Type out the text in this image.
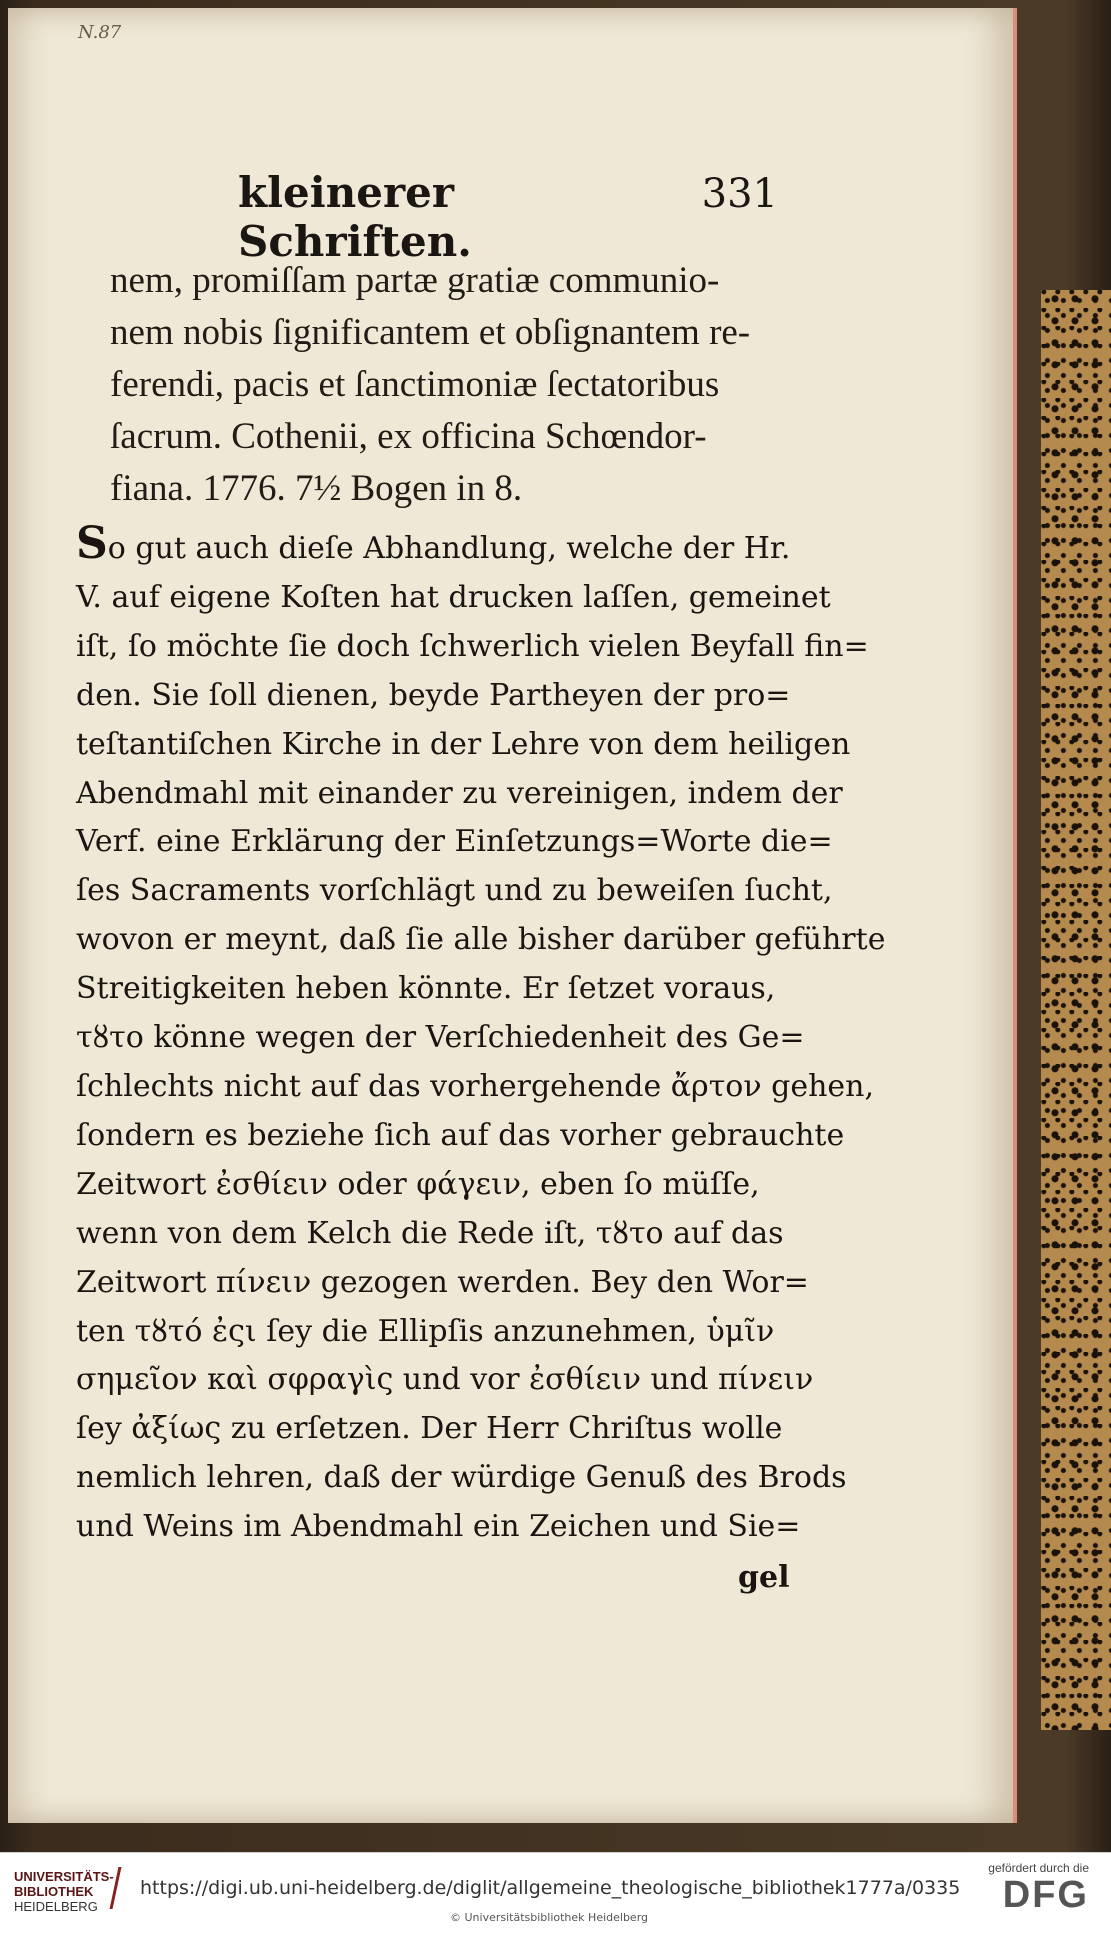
N.87
kleinerer Schriften.
331
nem, promiſſam partæ gratiæ communio-
nem nobis ſignificantem et obſignantem re-
ferendi, pacis et ſanctimoniæ ſectatoribus
ſacrum. Cothenii, ex officina Schœndor-
fiana. 1776. 7½ Bogen in 8.
So gut auch dieſe Abhandlung, welche der Hr.
V. auf eigene Koſten hat drucken laſſen, gemeinet
iſt, ſo möchte ſie doch ſchwerlich vielen Beyfall fin=
den. Sie ſoll dienen, beyde Partheyen der pro=
teſtantiſchen Kirche in der Lehre von dem heiligen
Abendmahl mit einander zu vereinigen, indem der
Verf. eine Erklärung der Einſetzungs=Worte die=
ſes Sacraments vorſchlägt und zu beweiſen ſucht,
wovon er meynt, daß ſie alle bisher darüber geführte
Streitigkeiten heben könnte. Er ſetzet voraus,
τȣτο könne wegen der Verſchiedenheit des Ge=
ſchlechts nicht auf das vorhergehende ἄρτον gehen,
ſondern es beziehe ſich auf das vorher gebrauchte
Zeitwort ἐσθίειν oder φάγειν, eben ſo müſſe,
wenn von dem Kelch die Rede iſt, τȣτο auf das
Zeitwort πίνειν gezogen werden. Bey den Wor=
ten τȣτό ἐςι ſey die Ellipſis anzunehmen, ὑμῖν
σημεῖον καὶ σφραγὶς und vor ἐσθίειν und πίνειν
ſey ἀξίως zu erſetzen. Der Herr Chriſtus wolle
nemlich lehren, daß der würdige Genuß des Brods
und Weins im Abendmahl ein Zeichen und Sie=
gel
UNIVERSITÄTS-
BIBLIOTHEK
HEIDELBERG
https://digi.ub.uni-heidelberg.de/diglit/allgemeine_theologische_bibliothek1777a/0335
© Universitätsbibliothek Heidelberg
gefördert durch die
DFG
